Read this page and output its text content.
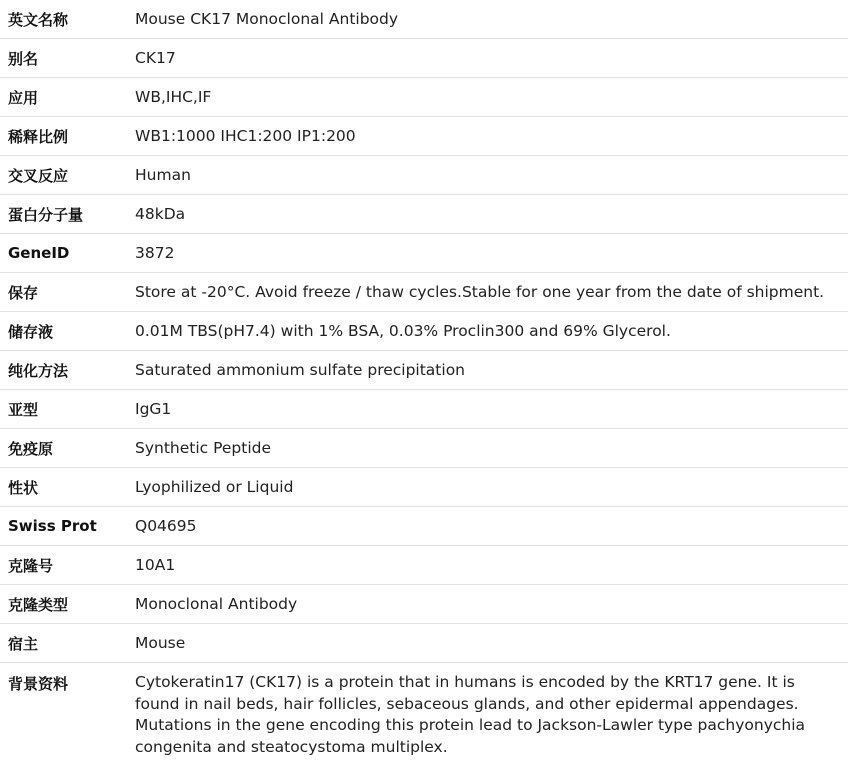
英文名称	Mouse CK17 Monoclonal Antibody
别名	CK17
应用	WB,IHC,IF
稀释比例	WB1:1000 IHC1:200 IP1:200
交叉反应	Human
蛋白分子量	48kDa
GeneID	3872
保存	Store at -20°C. Avoid freeze / thaw cycles.Stable for one year from the date of shipment.
储存液	0.01M TBS(pH7.4) with 1% BSA, 0.03% Proclin300 and 69% Glycerol.
纯化方法	Saturated ammonium sulfate precipitation
亚型	IgG1
免疫原	Synthetic Peptide
性状	Lyophilized or Liquid
Swiss Prot	Q04695
克隆号	10A1
克隆类型	Monoclonal Antibody
宿主	Mouse
背景资料	Cytokeratin17 (CK17) is a protein that in humans is encoded by the KRT17 gene. It is found in nail beds, hair follicles, sebaceous glands, and other epidermal appendages. Mutations in the gene encoding this protein lead to Jackson-Lawler type pachyonychia congenita and steatocystoma multiplex.
